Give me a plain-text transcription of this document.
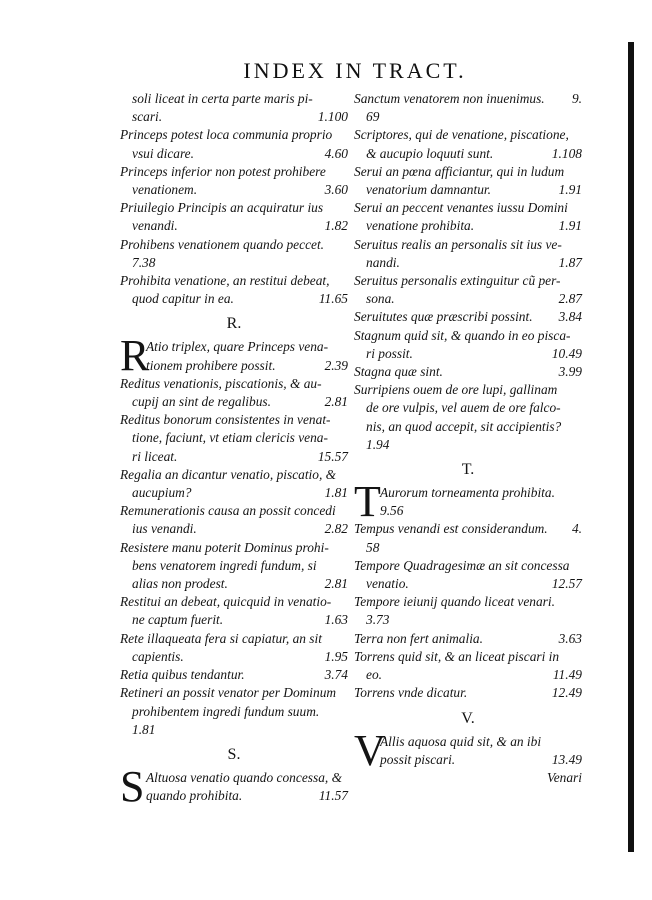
INDEX IN TRACT.
soli liceat in certa parte maris pi-
1.100
scari.
Princeps potest loca communia proprio
4.60
vsui dicare.
Princeps inferior non potest prohibere
3.60
venationem.
Priuilegio Principis an acquiratur ius
1.82
venandi.
Prohibens venationem quando peccet.
7.38
Prohibita venatione, an restitui debeat,
11.65
quod capitur in ea.
R.
R
Atio triplex, quare Princeps vena-
2.39
tionem prohibere possit.
Reditus venationis, piscationis, & au-
2.81
cupij an sint de regalibus.
Reditus bonorum consistentes in venat-
tione, faciunt, vt etiam clericis vena-
15.57
ri liceat.
Regalia an dicantur venatio, piscatio, &
1.81
aucupium?
Remunerationis causa an possit concedi
2.82
ius venandi.
Resistere manu poterit Dominus prohi-
bens venatorem ingredi fundum, si
2.81
alias non prodest.
Restitui an debeat, quicquid in venatio-
1.63
ne captum fuerit.
Rete illaqueata fera si capiatur, an sit
1.95
capientis.
3.74
Retia quibus tendantur.
Retineri an possit venator per Dominum
prohibentem ingredi fundum suum.
1.81
S.
S Altuosa venatio quando concessa, &
11.57
quando prohibita.
9.
Sanctum venatorem non inuenimus.
69
Scriptores, qui de venatione, piscatione,
1.108
& aucupio loquuti sunt.
Serui an pœna afficiantur, qui in ludum
1.91
venatorium damnantur.
Serui an peccent venantes iussu Domini
1.91
venatione prohibita.
Seruitus realis an personalis sit ius ve-
1.87
nandi.
Seruitus personalis extinguitur cũ per-
2.87
sona.
3.84
Seruitutes quæ præscribi possint.
Stagnum quid sit, & quando in eo pisca-
10.49
ri possit.
3.99
Stagna quæ sint.
Surripiens ouem de ore lupi, gallinam
de ore vulpis, vel auem de ore falco-
nis, an quod accepit, sit accipientis?
1.94
T.
T Aurorum torneamenta prohibita.
9.56
4.
Tempus venandi est considerandum.
58
Tempore Quadragesimæ an sit concessa
12.57
venatio.
Tempore ieiunij quando liceat venari.
3.73
3.63
Terra non fert animalia.
Torrens quid sit, & an liceat piscari in
11.49
eo.
12.49
Torrens vnde dicatur.
V.
V
Allis aquosa quid sit, & an ibi
13.49
possit piscari.
Venari
